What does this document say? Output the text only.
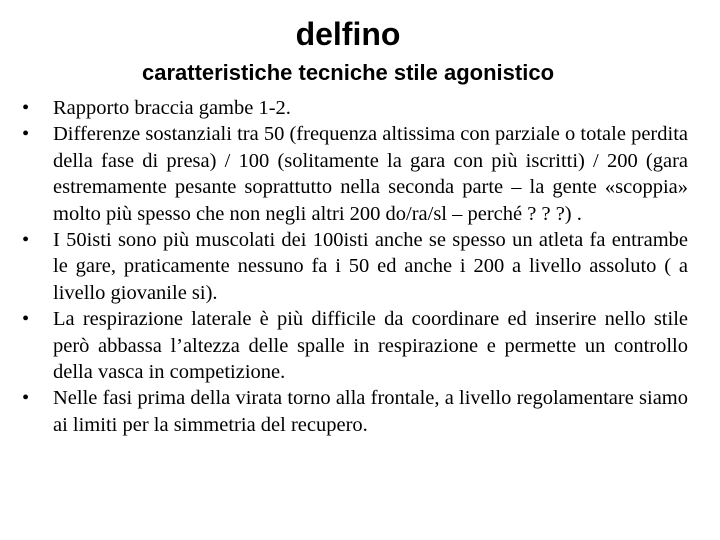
delfino
caratteristiche tecniche stile agonistico
•	Rapporto braccia gambe 1-2.
•	Differenze sostanziali tra 50 (frequenza altissima con parziale o totale perdita della fase di presa) / 100 (solitamente la gara con più iscritti) / 200 (gara estremamente pesante soprattutto nella seconda parte – la gente «scoppia» molto più spesso che non negli altri 200 do/ra/sl – perché ? ? ?) .
•	I 50isti sono più muscolati dei 100isti anche se spesso un atleta fa entrambe le gare, praticamente nessuno fa i 50 ed anche i 200 a livello assoluto ( a livello giovanile si).
•	La respirazione laterale è più difficile da coordinare ed inserire nello stile però abbassa l’altezza delle spalle in respirazione e permette un controllo della vasca in competizione.
•	Nelle fasi prima della virata torno alla frontale, a livello regolamentare siamo ai limiti per la simmetria del recupero.
